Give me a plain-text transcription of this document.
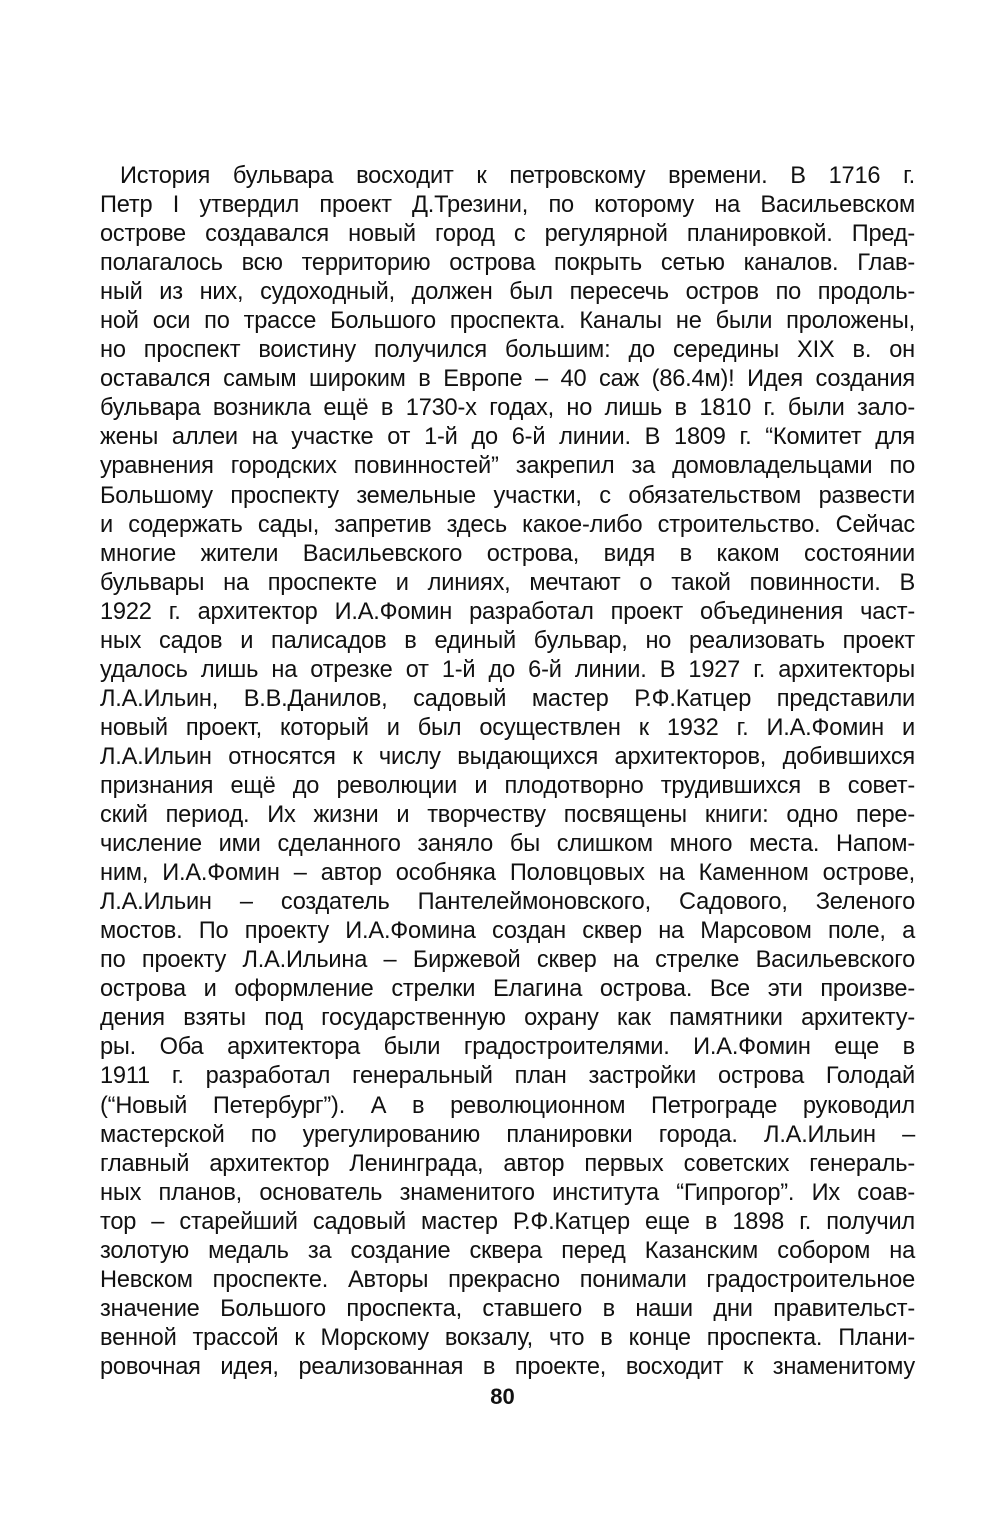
История бульвара восходит к петровскому времени. В 1716 г.
Петр I утвердил проект Д.Трезини, по которому на Васильевском
острове создавался новый город с регулярной планировкой. Пред-
полагалось всю территорию острова покрыть сетью каналов. Глав-
ный из них, судоходный, должен был пересечь остров по продоль-
ной оси по трассе Большого проспекта. Каналы не были проложены,
но проспект воистину получился большим: до середины XIX в. он
оставался самым широким в Европе – 40 саж (86.4м)! Идея создания
бульвара возникла ещё в 1730-х годах, но лишь в 1810 г. были зало-
жены аллеи на участке от 1-й до 6-й линии. В 1809 г. “Комитет для
уравнения городских повинностей” закрепил за домовладельцами по
Большому проспекту земельные участки, с обязательством развести
и содержать сады, запретив здесь какое-либо строительство. Сейчас
многие жители Васильевского острова, видя в каком состоянии
бульвары на проспекте и линиях, мечтают о такой повинности. В
1922 г. архитектор И.А.Фомин разработал проект объединения част-
ных садов и палисадов в единый бульвар, но реализовать проект
удалось лишь на отрезке от 1-й до 6-й линии. В 1927 г. архитекторы
Л.А.Ильин, В.В.Данилов, садовый мастер Р.Ф.Катцер представили
новый проект, который и был осуществлен к 1932 г. И.А.Фомин и
Л.А.Ильин относятся к числу выдающихся архитекторов, добившихся
признания ещё до революции и плодотворно трудившихся в совет-
ский период. Их жизни и творчеству посвящены книги: одно пере-
числение ими сделанного заняло бы слишком много места. Напом-
ним, И.А.Фомин – автор особняка Половцовых на Каменном острове,
Л.А.Ильин – создатель Пантелеймоновского, Садового, Зеленого
мостов. По проекту И.А.Фомина создан сквер на Марсовом поле, а
по проекту Л.А.Ильина – Биржевой сквер на стрелке Васильевского
острова и оформление стрелки Елагина острова. Все эти произве-
дения взяты под государственную охрану как памятники архитекту-
ры. Оба архитектора были градостроителями. И.А.Фомин еще в
1911 г. разработал генеральный план застройки острова Голодай
(“Новый Петербург”). А в революционном Петрограде руководил
мастерской по урегулированию планировки города. Л.А.Ильин –
главный архитектор Ленинграда, автор первых советских генераль-
ных планов, основатель знаменитого института “Гипрогор”. Их соав-
тор – старейший садовый мастер Р.Ф.Катцер еще в 1898 г. получил
золотую медаль за создание сквера перед Казанским собором на
Невском проспекте. Авторы прекрасно понимали градостроительное
значение Большого проспекта, ставшего в наши дни правительст-
венной трассой к Морскому вокзалу, что в конце проспекта. Плани-
ровочная идея, реализованная в проекте, восходит к знаменитому
80
